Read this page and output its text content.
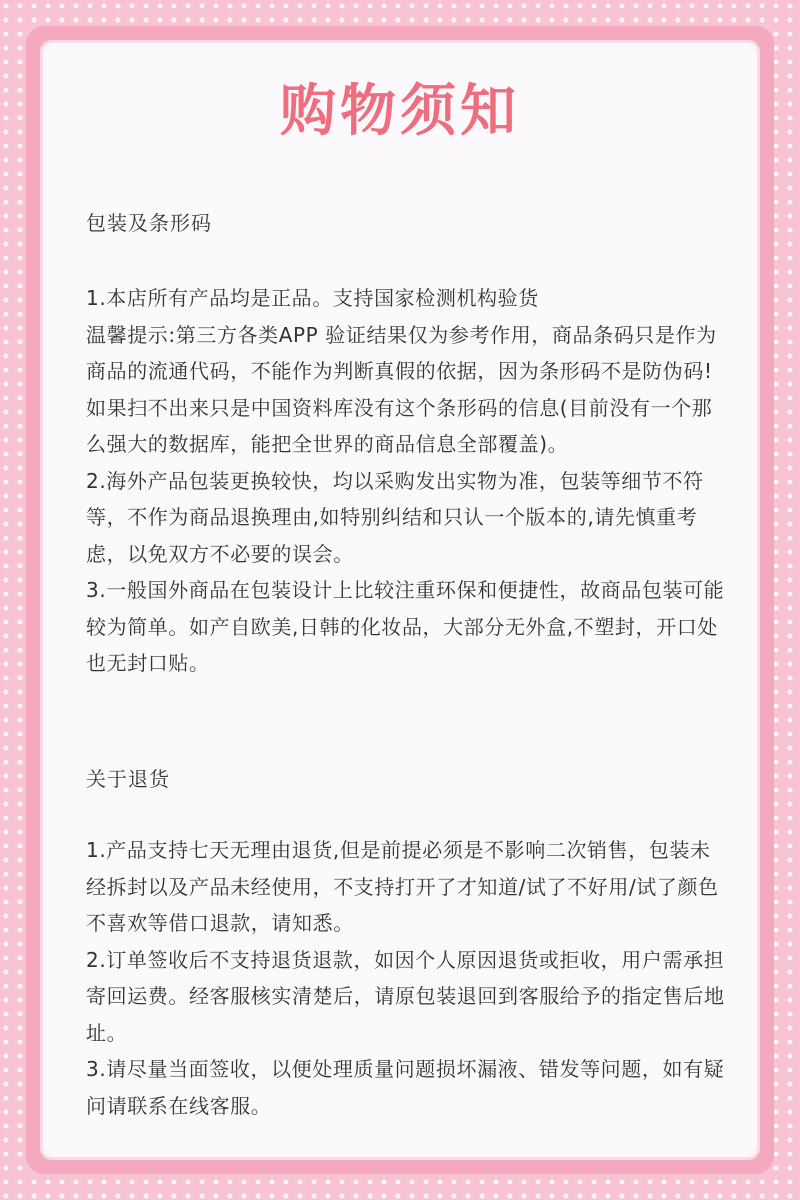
购物须知
包装及条形码

1.本店所有产品均是正品。支持国家检测机构验货

温馨提示:第三方各类APP 验证结果仅为参考作用，商品条码只是作为商品的流通代码，不能作为判断真假的依据，因为条形码不是防伪码!如果扫不出来只是中国资料库没有这个条形码的信息(目前没有一个那么强大的数据库，能把全世界的商品信息全部覆盖)。

2.海外产品包装更换较快，均以采购发出实物为准，包装等细节不符等，不作为商品退换理由,如特别纠结和只认一个版本的,请先慎重考虑，以免双方不必要的误会。

3.一般国外商品在包装设计上比较注重环保和便捷性，故商品包装可能较为简单。如产自欧美,日韩的化妆品，大部分无外盒,不塑封，开口处也无封口贴。

关于退货

1.产品支持七天无理由退货,但是前提必须是不影响二次销售，包装未经拆封以及产品未经使用，不支持打开了才知道/试了不好用/试了颜色不喜欢等借口退款，请知悉。

2.订单签收后不支持退货退款，如因个人原因退货或拒收，用户需承担寄回运费。经客服核实清楚后，请原包装退回到客服给予的指定售后地址。

3.请尽量当面签收，以便处理质量问题损坏漏液、错发等问题，如有疑问请联系在线客服。
